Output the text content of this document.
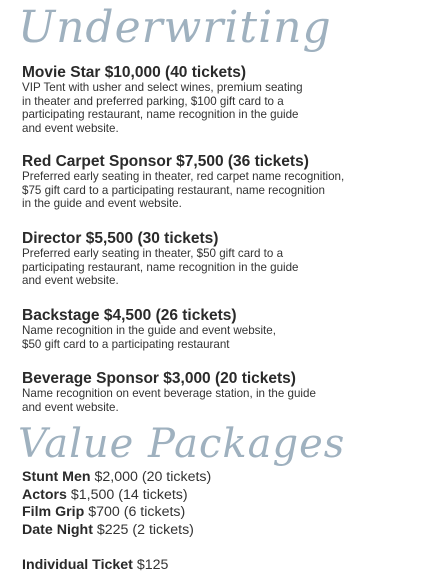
Underwriting
Movie Star $10,000 (40 tickets)
VIP Tent with usher and select wines, premium seating
in theater and preferred parking, $100 gift card to a
participating restaurant, name recognition in the guide
and event website.
Red Carpet Sponsor $7,500 (36 tickets)
Preferred early seating in theater, red carpet name recognition,
$75 gift card to a participating restaurant, name recognition
in the guide and event website.
Director $5,500 (30 tickets)
Preferred early seating in theater, $50 gift card to a
participating restaurant, name recognition in the guide
and event website.
Backstage $4,500 (26 tickets)
Name recognition in the guide and event website,
$50 gift card to a participating restaurant
Beverage Sponsor $3,000 (20 tickets)
Name recognition on event beverage station, in the guide
and event website.
Value Packages
Stunt Men $2,000 (20 tickets)
Actors $1,500 (14 tickets)
Film Grip $700 (6 tickets)
Date Night $225 (2 tickets)
Individual Ticket $125
